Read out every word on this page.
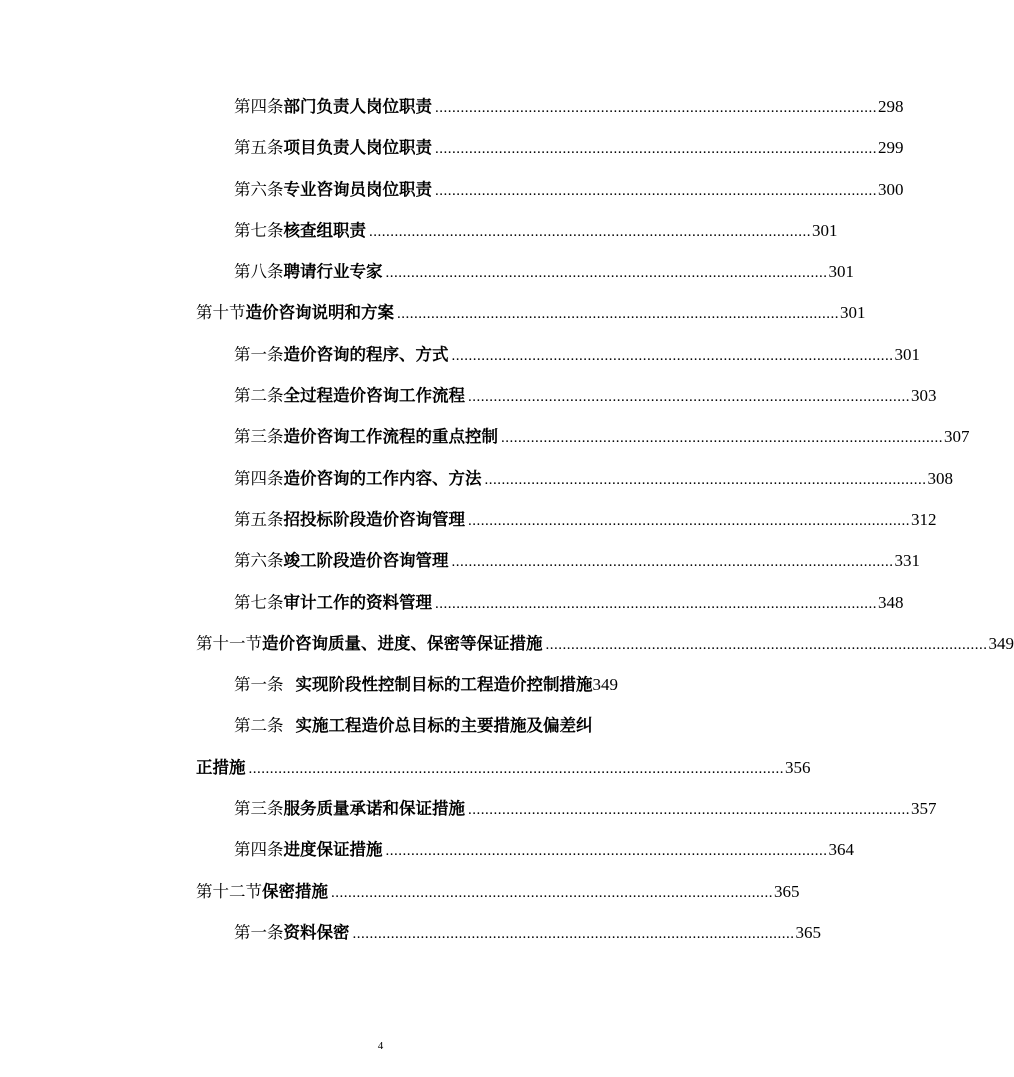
第四条 部门负责人岗位职责 ........................................................................................................ 298
第五条 项目负责人岗位职责 ........................................................................................................ 299
第六条 专业咨询员岗位职责 ........................................................................................................ 300
第七条 核查组职责 ........................................................................................................ 301
第八条 聘请行业专家 ........................................................................................................ 301
第十节 造价咨询说明和方案 ........................................................................................................ 301
第一条 造价咨询的程序、方式 ........................................................................................................ 301
第二条 全过程造价咨询工作流程 ........................................................................................................ 303
第三条 造价咨询工作流程的重点控制 ........................................................................................................ 307
第四条 造价咨询的工作内容、方法 ........................................................................................................ 308
第五条 招投标阶段造价咨询管理 ........................................................................................................ 312
第六条 竣工阶段造价咨询管理 ........................................................................................................ 331
第七条 审计工作的资料管理 ........................................................................................................ 348
第十一节 造价咨询质量、进度、保密等保证措施 ........................................................................................................ 349
第一条 实现阶段性控制目标的工程造价控制措施 349
第二条 实施工程造价总目标的主要措施及偏差纠
正措施 .............................................................................................................................. 356
第三条 服务质量承诺和保证措施 ........................................................................................................ 357
第四条 进度保证措施 ........................................................................................................ 364
第十二节 保密措施 ........................................................................................................ 365
第一条 资料保密 ........................................................................................................ 365
4
